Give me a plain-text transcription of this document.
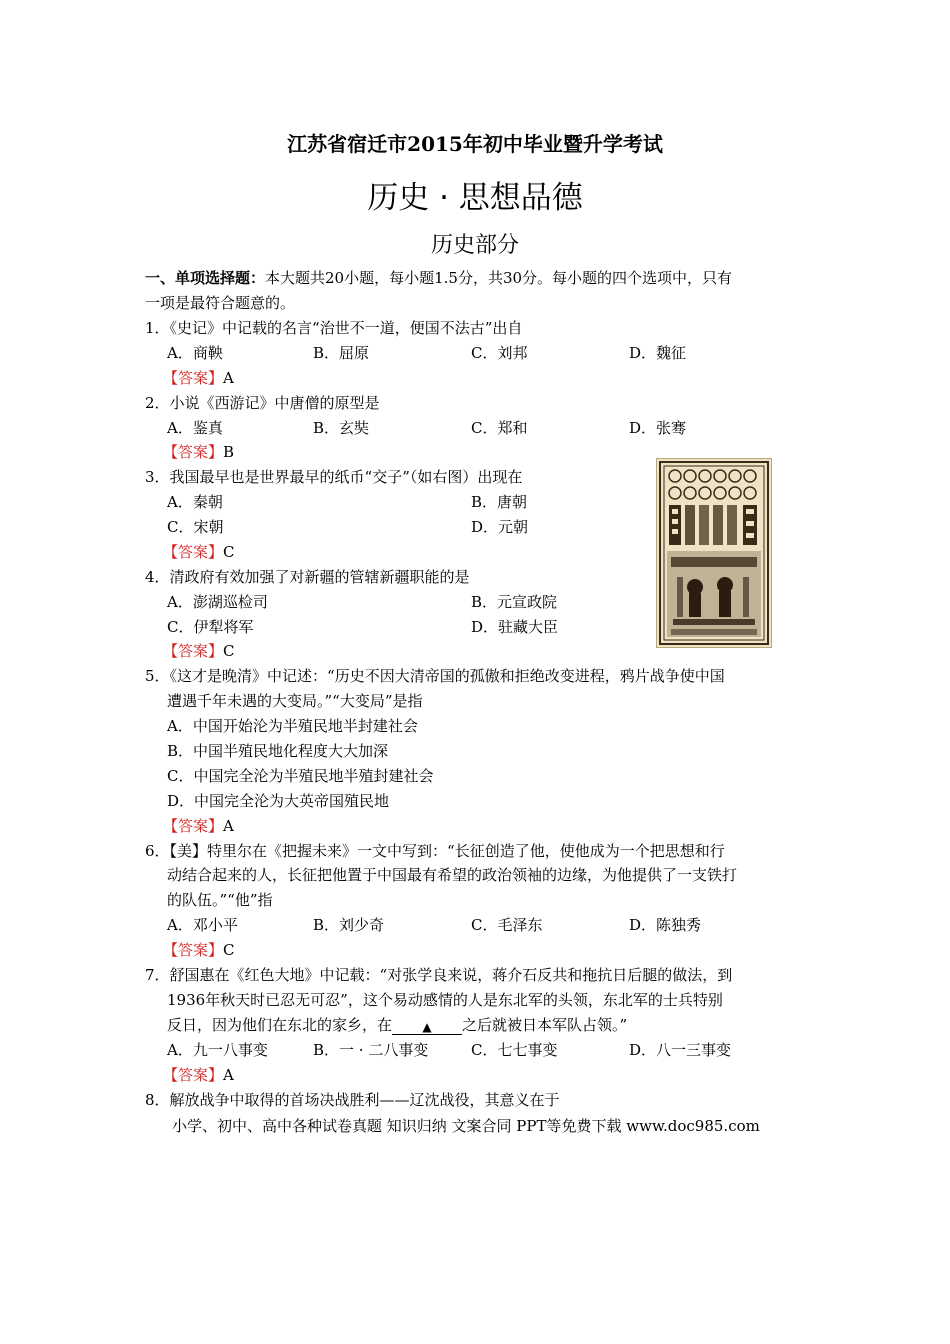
江苏省宿迁市2015年初中毕业暨升学考试
历史 · 思想品德
历史部分
一、单项选择题：本大题共20小题，每小题1.5分，共30分。每小题的四个选项中，只有
一项是最符合题意的。
1．《史记》中记载的名言“治世不一道，便国不法古”出自
A．商鞅	B．屈原	C．刘邦	D．魏征
【答案】A
2．小说《西游记》中唐僧的原型是
A．鉴真	B．玄奘	C．郑和	D．张骞
【答案】B
3．我国最早也是世界最早的纸币“交子”（如右图）出现在
A．秦朝	B．唐朝
C．宋朝	D．元朝
【答案】C
4．清政府有效加强了对新疆的管辖新疆职能的是
A．澎湖巡检司	B．元宣政院
C．伊犁将军	D．驻藏大臣
【答案】C
5．《这才是晚清》中记述：“历史不因大清帝国的孤傲和拒绝改变进程，鸦片战争使中国
遭遇千年未遇的大变局。”“大变局”是指
A．中国开始沦为半殖民地半封建社会
B．中国半殖民地化程度大大加深
C．中国完全沦为半殖民地半殖封建社会
D．中国完全沦为大英帝国殖民地
【答案】A
6．【美】特里尔在《把握未来》一文中写到：“长征创造了他，使他成为一个把思想和行
动结合起来的人，长征把他置于中国最有希望的政治领袖的边缘，为他提供了一支铁打
的队伍。”“他”指
A．邓小平	B．刘少奇	C．毛泽东	D．陈独秀
【答案】C
7．舒国惠在《红色大地》中记载：“对张学良来说，蒋介石反共和拖抗日后腿的做法，到
1936年秋天时已忍无可忍”，这个易动感情的人是东北军的头领，东北军的士兵特别
反日，因为他们在东北的家乡，在	▲ 之后就被日本军队占领。”
A．九一八事变	B．一 · 二八事变	C．七七事变	D．八一三事变
【答案】A
8．解放战争中取得的首场决战胜利——辽沈战役，其意义在于
小学、初中、高中各种试卷真题 知识归纳 文案合同 PPT等免费下载 www.doc985.com
